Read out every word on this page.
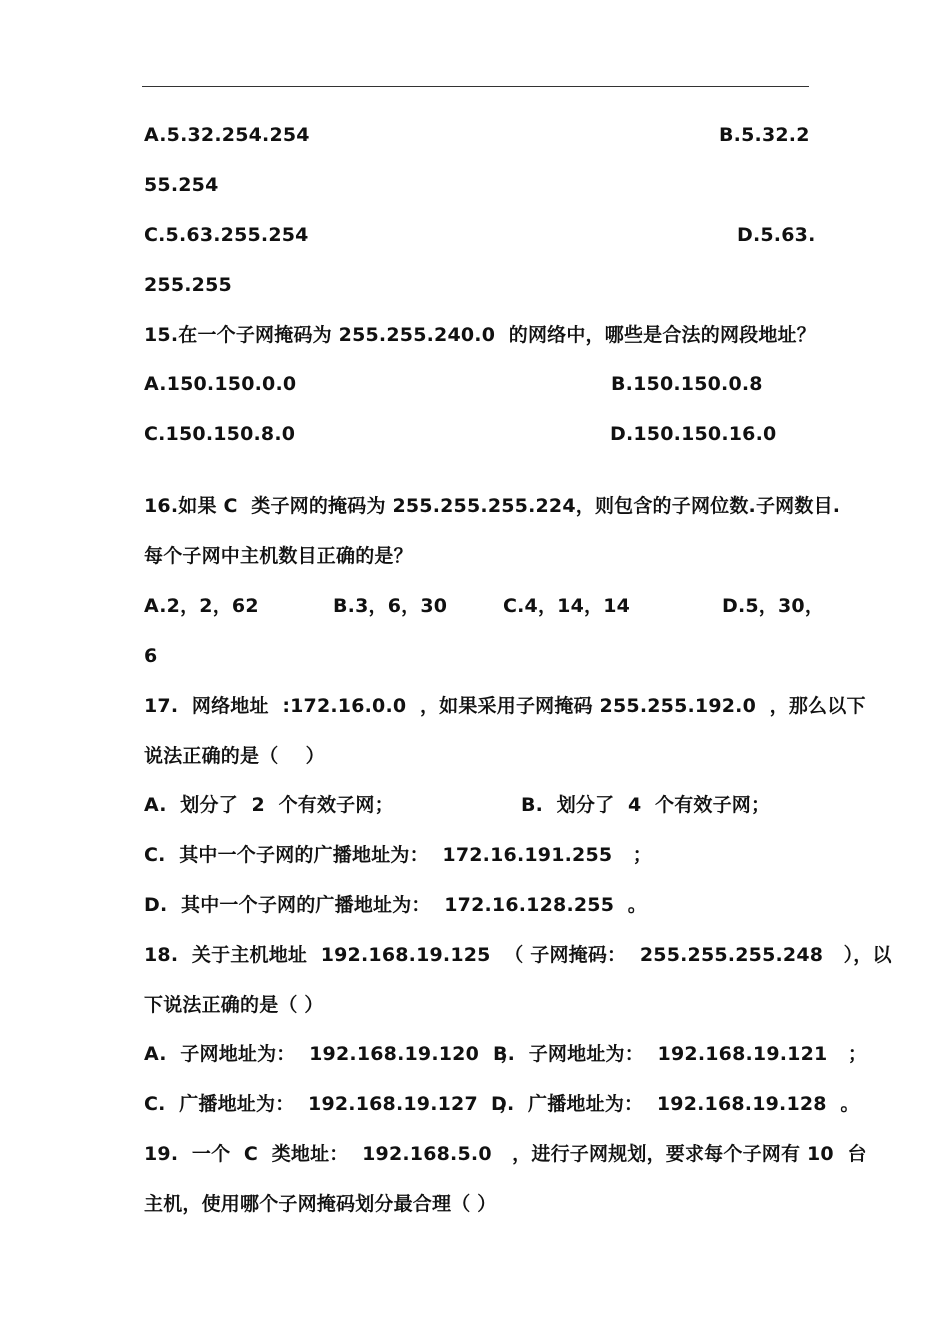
A.5.32.254.254	B.5.32.2
55.254
C.5.63.255.254	D.5.63.
255.255
15.在一个子网掩码为 255.255.240.0  的网络中，哪些是合法的网段地址？
A.150.150.0.0	B.150.150.0.8
C.150.150.8.0	D.150.150.16.0
16.如果 C  类子网的掩码为 255.255.255.224，则包含的子网位数.子网数目.
每个子网中主机数目正确的是？
A.2，2，62	B.3，6，30	C.4，14，14	D.5，30，
6
17.  网络地址  :172.16.0.0  ，如果采用子网掩码 255.255.192.0  ，那么以下
说法正确的是（    ）
A.  划分了  2  个有效子网；	B.  划分了  4  个有效子网；
C.  其中一个子网的广播地址为：  172.16.191.255   ；
D.  其中一个子网的广播地址为：  172.16.128.255  。
18.  关于主机地址  192.168.19.125  （ 子网掩码：  255.255.255.248   ），以
下说法正确的是（ ）
A.  子网地址为：  192.168.19.120   ；
B.  子网地址为：  192.168.19.121   ；
C.  广播地址为：  192.168.19.127   ；
D.  广播地址为：  192.168.19.128  。
19.  一个  C  类地址：  192.168.5.0   ，进行子网规划，要求每个子网有 10  台
主机，使用哪个子网掩码划分最合理（ ）
